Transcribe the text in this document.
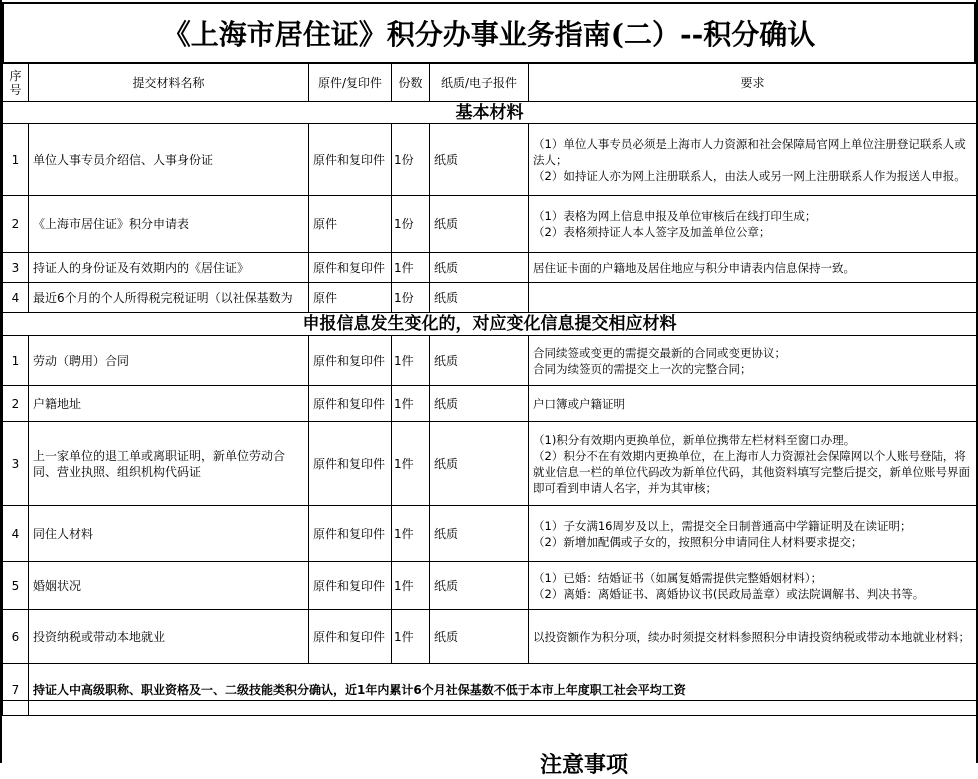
《上海市居住证》积分办事业务指南(二）--积分确认
序号	提交材料名称	原件/复印件	份数	纸质/电子报件	要求
基本材料					
1	单位人事专员介绍信、人事身份证	原件和复印件	1份	纸质	（1）单位人事专员必须是上海市人力资源和社会保障局官网上单位注册登记联系人或法人；
（2）如持证人亦为网上注册联系人，由法人或另一网上注册联系人作为报送人申报。
2	《上海市居住证》积分申请表	原件	1份	纸质	（1）表格为网上信息申报及单位审核后在线打印生成；
（2）表格须持证人本人签字及加盖单位公章；
3	持证人的身份证及有效期内的《居住证》	原件和复印件	1件	纸质	居住证卡面的户籍地及居住地应与积分申请表内信息保持一致。
4	最近6个月的个人所得税完税证明（以社保基数为	原件	1份	纸质	
申报信息发生变化的，对应变化信息提交相应材料					
1	劳动（聘用）合同	原件和复印件	1件	纸质	合同续签或变更的需提交最新的合同或变更协议；
合同为续签页的需提交上一次的完整合同；
2	户籍地址	原件和复印件	1件	纸质	户口簿或户籍证明
3	上一家单位的退工单或离职证明，新单位劳动合同、营业执照、组织机构代码证	原件和复印件	1件	纸质	（1)积分有效期内更换单位，新单位携带左栏材料至窗口办理。
（2）积分不在有效期内更换单位，在上海市人力资源社会保障网以个人账号登陆，将就业信息一栏的单位代码改为新单位代码，其他资料填写完整后提交，新单位账号界面即可看到申请人名字，并为其审核；
4	同住人材料	原件和复印件	1件	纸质	（1）子女满16周岁及以上，需提交全日制普通高中学籍证明及在读证明；
（2）新增加配偶或子女的，按照积分申请同住人材料要求提交；
5	婚姻状况	原件和复印件	1件	纸质	（1）已婚：结婚证书（如属复婚需提供完整婚姻材料）；
（2）离婚：离婚证书、离婚协议书(民政局盖章）或法院调解书、判决书等。
6	投资纳税或带动本地就业	原件和复印件	1件	纸质	以投资额作为积分项，续办时须提交材料参照积分申请投资纳税或带动本地就业材料；
7	持证人中高级职称、职业资格及一、二级技能类积分确认，近1年内累计6个月社保基数不低于本市上年度职工社会平均工资				
注意事项
